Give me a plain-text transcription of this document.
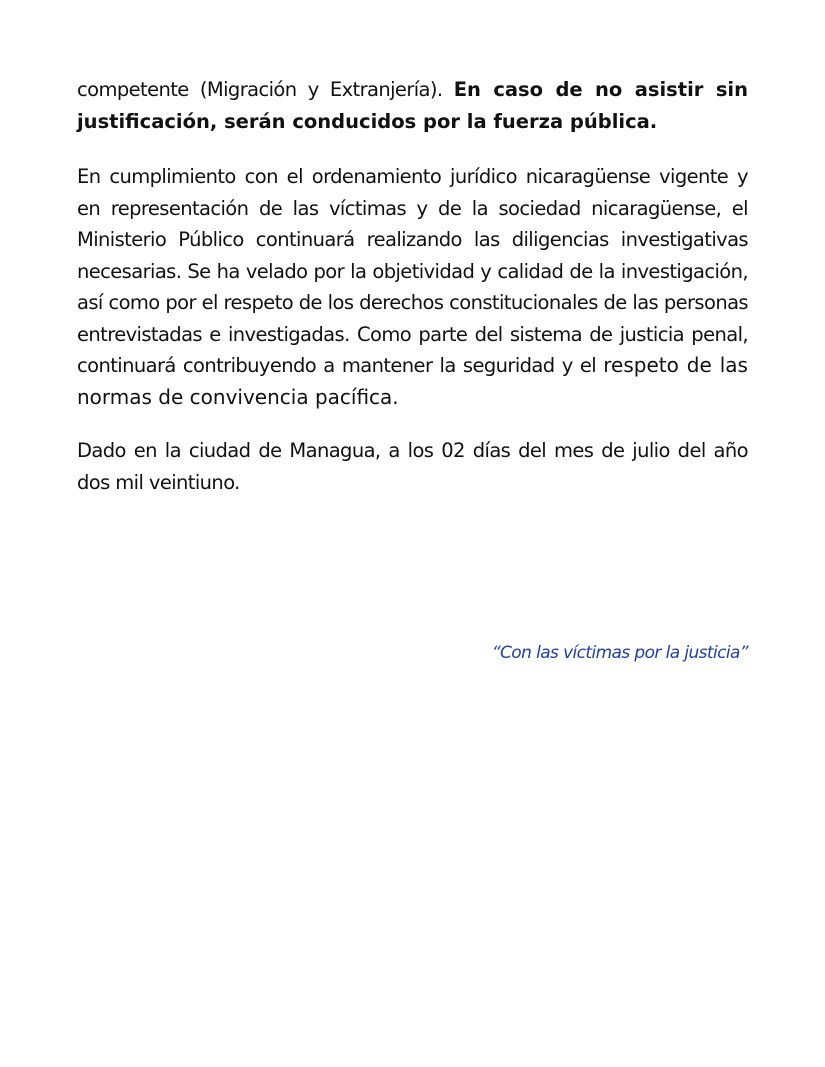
competente (Migración y Extranjería). En caso de no asistir sin justificación, serán conducidos por la fuerza pública.

En cumplimiento con el ordenamiento jurídico nicaragüense vigente y en representación de las víctimas y de la sociedad nicaragüense, el Ministerio Público continuará realizando las diligencias investigativas necesarias. Se ha velado por la objetividad y calidad de la investigación, así como por el respeto de los derechos constitucionales de las personas entrevistadas e investigadas. Como parte del sistema de justicia penal, continuará contribuyendo a mantener la seguridad y el respeto de las normas de convivencia pacífica.

Dado en la ciudad de Managua, a los 02 días del mes de julio del año dos mil veintiuno.

“Con las víctimas por la justicia”
